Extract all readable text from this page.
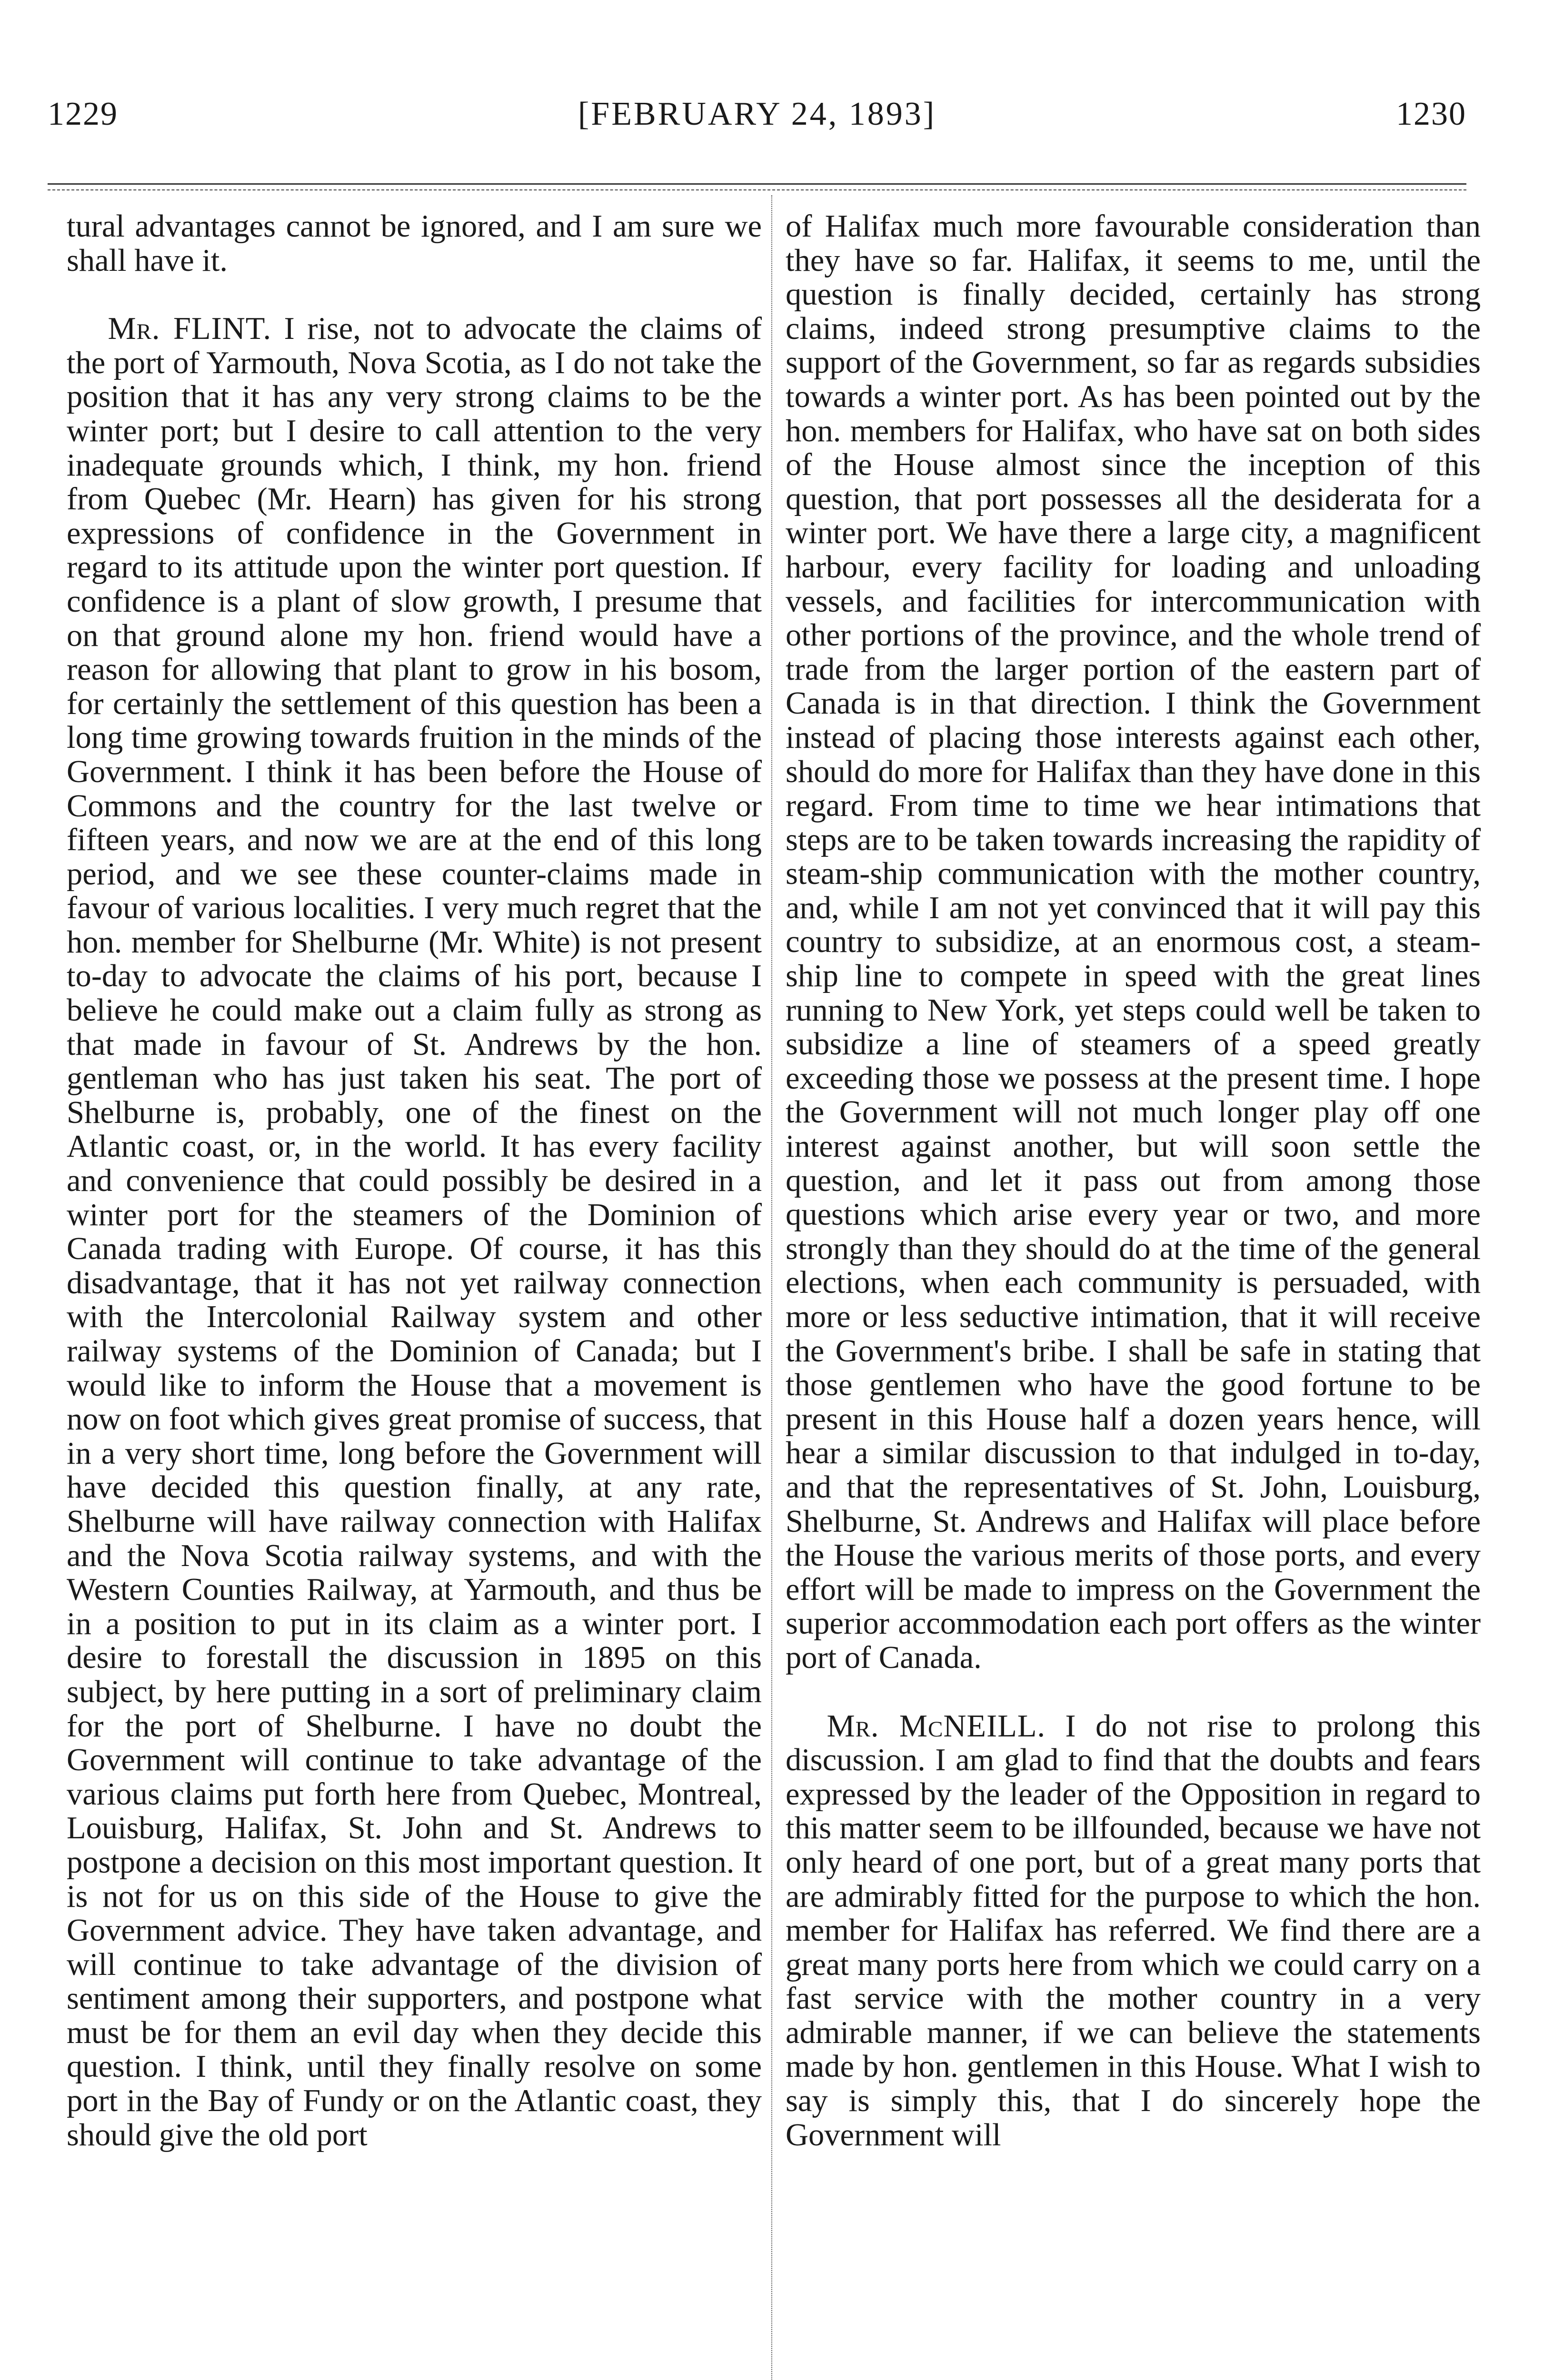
1229	[FEBRUARY 24, 1893]	1230

tural advantages cannot be ignored, and I am sure we shall have it.

Mr. FLINT. I rise, not to advocate the claims of the port of Yarmouth, Nova Scotia, as I do not take the position that it has any very strong claims to be the winter port; but I desire to call attention to the very inadequate grounds which, I think, my hon. friend from Quebec (Mr. Hearn) has given for his strong expressions of confidence in the Government in regard to its attitude upon the winter port question. If confidence is a plant of slow growth, I presume that on that ground alone my hon. friend would have a reason for allowing that plant to grow in his bosom, for certainly the settlement of this question has been a long time growing towards fruition in the minds of the Government. I think it has been before the House of Commons and the country for the last twelve or fifteen years, and now we are at the end of this long period, and we see these counter-claims made in favour of various localities. I very much regret that the hon. member for Shelburne (Mr. White) is not present to-day to advocate the claims of his port, because I believe he could make out a claim fully as strong as that made in favour of St. Andrews by the hon. gentleman who has just taken his seat. The port of Shelburne is, probably, one of the finest on the Atlantic coast, or, in the world. It has every facility and convenience that could possibly be desired in a winter port for the steamers of the Dominion of Canada trading with Europe. Of course, it has this disadvantage, that it has not yet railway connection with the Intercolonial Railway system and other railway systems of the Dominion of Canada; but I would like to inform the House that a movement is now on foot which gives great promise of success, that in a very short time, long before the Government will have decided this question finally, at any rate, Shelburne will have railway connection with Halifax and the Nova Scotia railway systems, and with the Western Counties Railway, at Yarmouth, and thus be in a position to put in its claim as a winter port. I desire to forestall the discussion in 1895 on this subject, by here putting in a sort of preliminary claim for the port of Shelburne. I have no doubt the Government will continue to take advantage of the various claims put forth here from Quebec, Montreal, Louisburg, Halifax, St. John and St. Andrews to postpone a decision on this most important question. It is not for us on this side of the House to give the Government advice. They have taken advantage, and will continue to take advantage of the division of sentiment among their supporters, and postpone what must be for them an evil day when they decide this question. I think, until they finally resolve on some port in the Bay of Fundy or on the Atlantic coast, they should give the old port

of Halifax much more favourable consideration than they have so far. Halifax, it seems to me, until the question is finally decided, certainly has strong claims, indeed strong presumptive claims to the support of the Government, so far as regards subsidies towards a winter port. As has been pointed out by the hon. members for Halifax, who have sat on both sides of the House almost since the inception of this question, that port possesses all the desiderata for a winter port. We have there a large city, a magnificent harbour, every facility for loading and unloading vessels, and facilities for intercommunication with other portions of the province, and the whole trend of trade from the larger portion of the eastern part of Canada is in that direction. I think the Government instead of placing those interests against each other, should do more for Halifax than they have done in this regard. From time to time we hear intimations that steps are to be taken towards increasing the rapidity of steam-ship communication with the mother country, and, while I am not yet convinced that it will pay this country to subsidize, at an enormous cost, a steam-ship line to compete in speed with the great lines running to New York, yet steps could well be taken to subsidize a line of steamers of a speed greatly exceeding those we possess at the present time. I hope the Government will not much longer play off one interest against another, but will soon settle the question, and let it pass out from among those questions which arise every year or two, and more strongly than they should do at the time of the general elections, when each community is persuaded, with more or less seductive intimation, that it will receive the Government's bribe. I shall be safe in stating that those gentlemen who have the good fortune to be present in this House half a dozen years hence, will hear a similar discussion to that indulged in to-day, and that the representatives of St. John, Louisburg, Shelburne, St. Andrews and Halifax will place before the House the various merits of those ports, and every effort will be made to impress on the Government the superior accommodation each port offers as the winter port of Canada.

Mr. McNEILL. I do not rise to prolong this discussion. I am glad to find that the doubts and fears expressed by the leader of the Opposition in regard to this matter seem to be illfounded, because we have not only heard of one port, but of a great many ports that are admirably fitted for the purpose to which the hon. member for Halifax has referred. We find there are a great many ports here from which we could carry on a fast service with the mother country in a very admirable manner, if we can believe the statements made by hon. gentlemen in this House. What I wish to say is simply this, that I do sincerely hope the Government will
